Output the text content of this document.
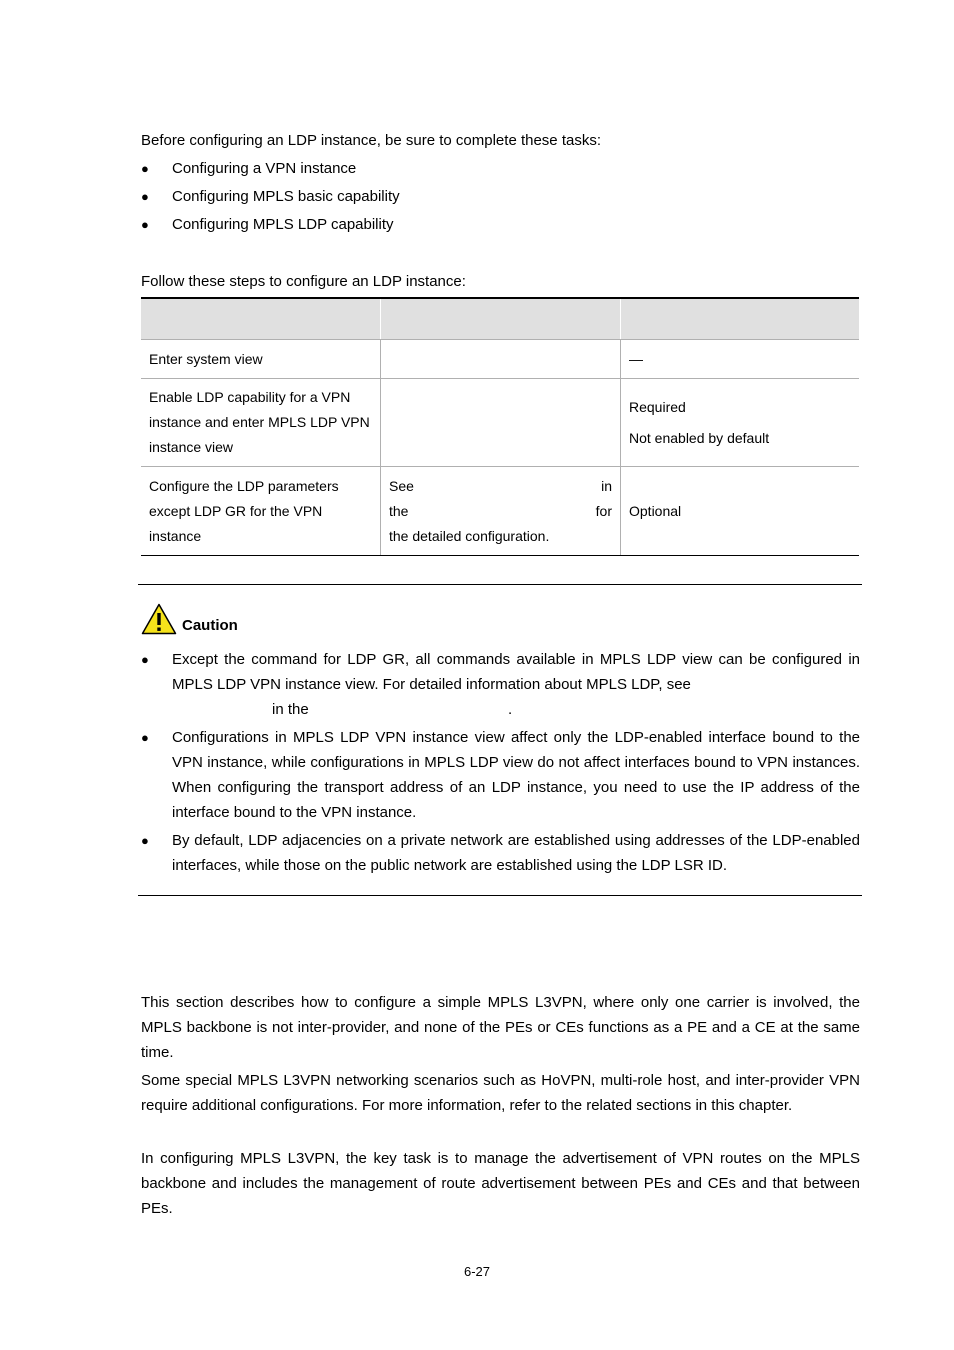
Before configuring an LDP instance, be sure to complete these tasks:
● Configuring a VPN instance
● Configuring MPLS basic capability
● Configuring MPLS LDP capability
Follow these steps to configure an LDP instance:

Enter system view		—
Enable LDP capability for a VPN instance and enter MPLS LDP VPN instance view		Required
Not enabled by default

Configure the LDP parameters except LDP GR for the VPN instance	See in
the for
the detailed configuration.	Optional
Caution
● Except the command for LDP GR, all commands available in MPLS LDP view can be configured in MPLS LDP VPN instance view. For detailed information about MPLS LDP, see
in the	.
● Configurations in MPLS LDP VPN instance view affect only the LDP-enabled interface bound to the VPN instance, while configurations in MPLS LDP view do not affect interfaces bound to VPN instances. When configuring the transport address of an LDP instance, you need to use the IP address of the interface bound to the VPN instance.
● By default, LDP adjacencies on a private network are established using addresses of the LDP-enabled interfaces, while those on the public network are established using the LDP LSR ID.
This section describes how to configure a simple MPLS L3VPN, where only one carrier is involved, the MPLS backbone is not inter-provider, and none of the PEs or CEs functions as a PE and a CE at the same time.
Some special MPLS L3VPN networking scenarios such as HoVPN, multi-role host, and inter-provider VPN require additional configurations. For more information, refer to the related sections in this chapter.
In configuring MPLS L3VPN, the key task is to manage the advertisement of VPN routes on the MPLS backbone and includes the management of route advertisement between PEs and CEs and that between PEs.
6-27
